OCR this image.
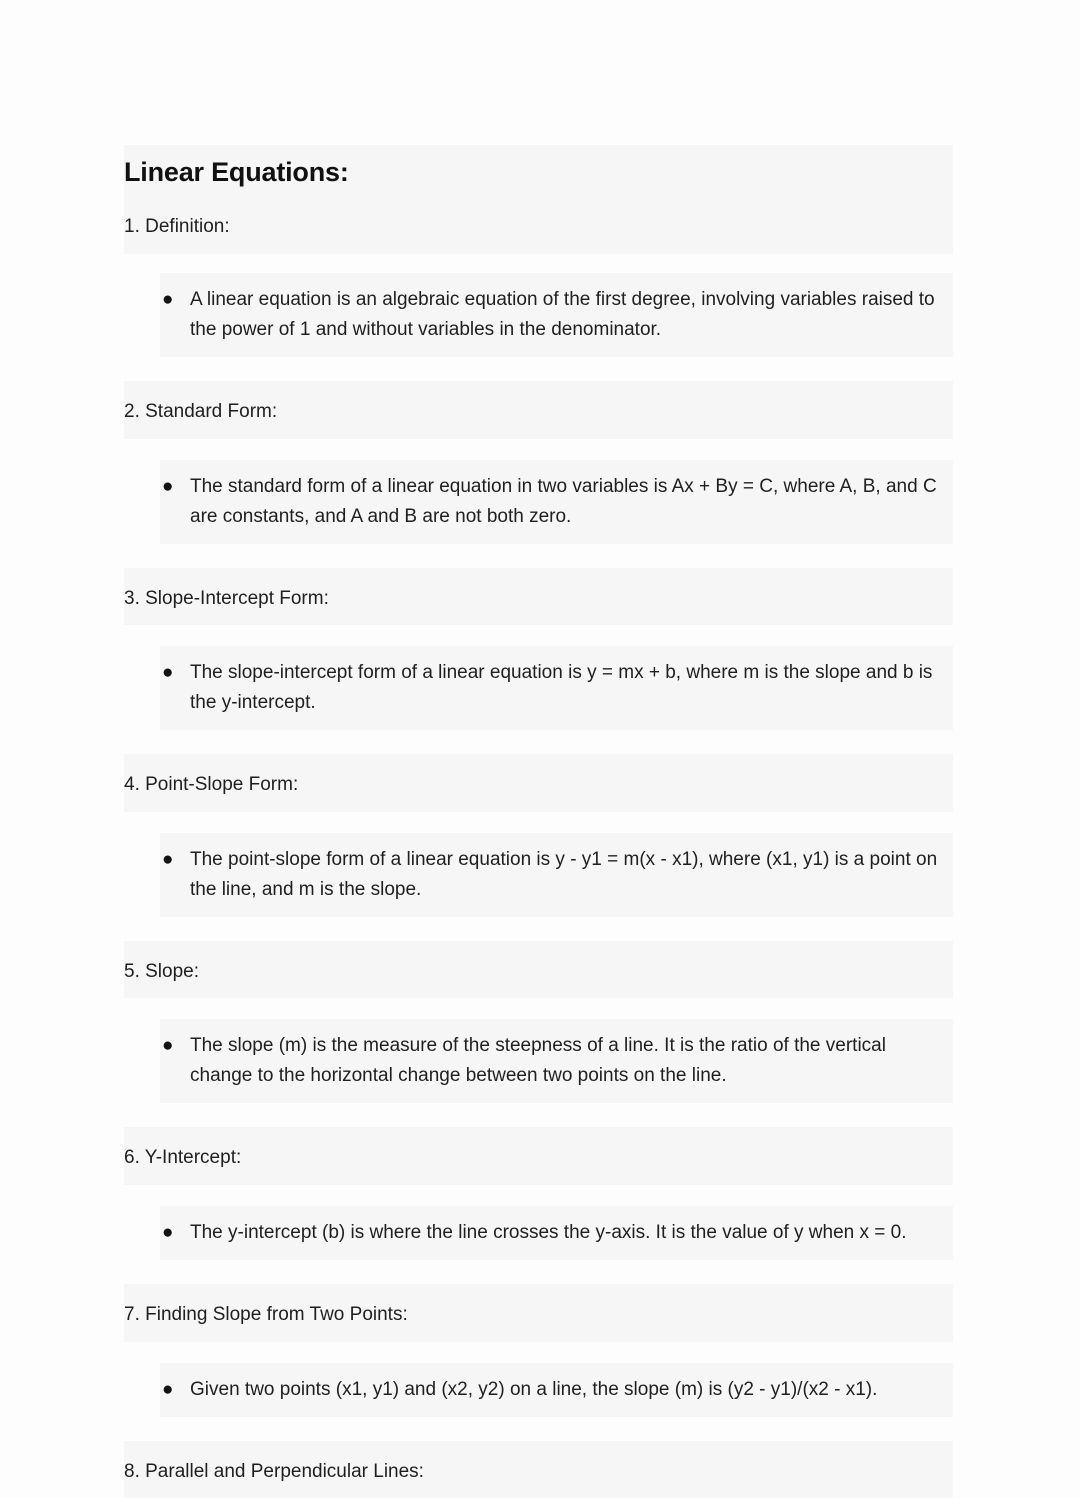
Linear Equations:
1. Definition:
● A linear equation is an algebraic equation of the first degree, involving variables raised to the power of 1 and without variables in the denominator.
2. Standard Form:
● The standard form of a linear equation in two variables is Ax + By = C, where A, B, and C are constants, and A and B are not both zero.
3. Slope-Intercept Form:
● The slope-intercept form of a linear equation is y = mx + b, where m is the slope and b is the y-intercept.
4. Point-Slope Form:
● The point-slope form of a linear equation is y - y1 = m(x - x1), where (x1, y1) is a point on the line, and m is the slope.
5. Slope:
● The slope (m) is the measure of the steepness of a line. It is the ratio of the vertical change to the horizontal change between two points on the line.
6. Y-Intercept:
● The y-intercept (b) is where the line crosses the y-axis. It is the value of y when x = 0.
7. Finding Slope from Two Points:
● Given two points (x1, y1) and (x2, y2) on a line, the slope (m) is (y2 - y1)/(x2 - x1).
8. Parallel and Perpendicular Lines:
